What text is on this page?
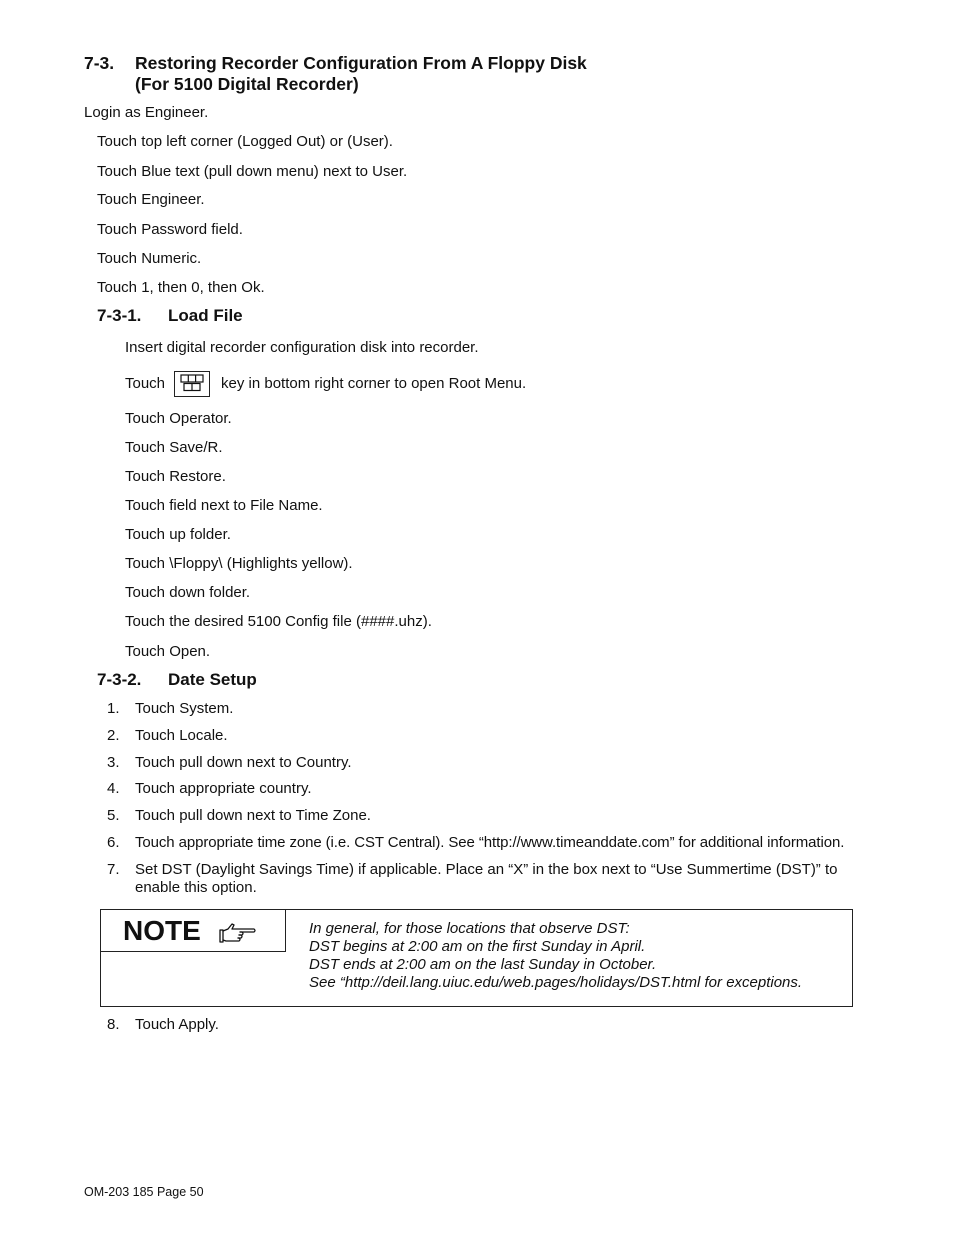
7-3. Restoring Recorder Configuration From A Floppy Disk
(For 5100 Digital Recorder)
Login as Engineer.
Touch top left corner (Logged Out) or (User).
Touch Blue text (pull down menu) next to User.
Touch Engineer.
Touch Password field.
Touch Numeric.
Touch 1, then 0, then Ok.
7-3-1. Load File
Insert digital recorder configuration disk into recorder.
Touch	key in bottom right corner to open Root Menu.
Touch Operator.
Touch Save/R.
Touch Restore.
Touch field next to File Name.
Touch up folder.
Touch \Floppy\ (Highlights yellow).
Touch down folder.
Touch the desired 5100 Config file (####.uhz).
Touch Open.
7-3-2. Date Setup
1.	Touch System.
2.	Touch Locale.
3.	Touch pull down next to Country.
4.	Touch appropriate country.
5.	Touch pull down next to Time Zone.
6.	Touch appropriate time zone (i.e. CST Central). See “http://www.timeanddate.com” for additional information.
7.	Set DST (Daylight Savings Time) if applicable. Place an “X” in the box next to “Use Summertime (DST)” to
enable this option.
NOTE	In general, for those locations that observe DST:
DST begins at 2:00 am on the first Sunday in April.
DST ends at 2:00 am on the last Sunday in October.
See “http://deil.lang.uiuc.edu/web.pages/holidays/DST.html for exceptions.
8.	Touch Apply.
OM-203 185 Page 50
